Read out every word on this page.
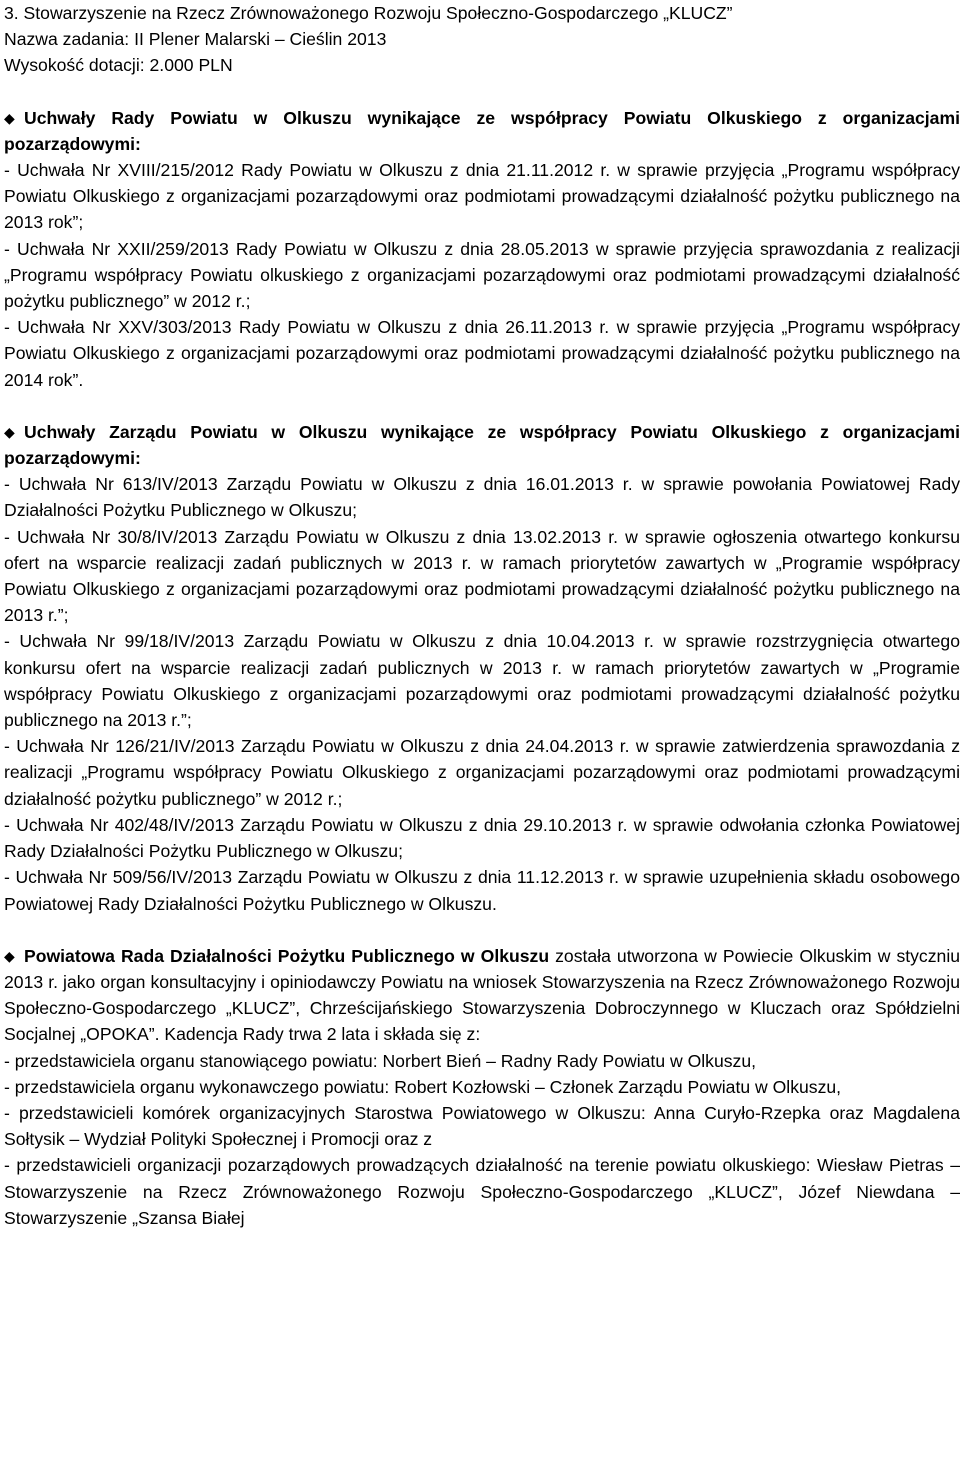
3. Stowarzyszenie na Rzecz Zrównoważonego Rozwoju Społeczno-Gospodarczego „KLUCZ”

Nazwa zadania: II Plener Malarski – Cieślin 2013

Wysokość dotacji: 2.000 PLN

◆ Uchwały Rady Powiatu w Olkuszu wynikające ze współpracy Powiatu Olkuskiego z organizacjami pozarządowymi:

- Uchwała Nr XVIII/215/2012 Rady Powiatu w Olkuszu z dnia 21.11.2012 r. w sprawie przyjęcia „Programu współpracy Powiatu Olkuskiego z organizacjami pozarządowymi oraz podmiotami prowadzącymi działalność pożytku publicznego na 2013 rok”;

- Uchwała Nr XXII/259/2013 Rady Powiatu w Olkuszu z dnia 28.05.2013 w sprawie przyjęcia sprawozdania z realizacji „Programu współpracy Powiatu olkuskiego z organizacjami pozarządowymi oraz podmiotami prowadzącymi działalność pożytku publicznego” w 2012 r.;

- Uchwała Nr XXV/303/2013 Rady Powiatu w Olkuszu z dnia 26.11.2013 r. w sprawie przyjęcia „Programu współpracy Powiatu Olkuskiego z organizacjami pozarządowymi oraz podmiotami prowadzącymi działalność pożytku publicznego na 2014 rok”.

◆ Uchwały Zarządu Powiatu w Olkuszu wynikające ze współpracy Powiatu Olkuskiego z organizacjami pozarządowymi:

- Uchwała Nr 613/IV/2013 Zarządu Powiatu w Olkuszu z dnia 16.01.2013 r. w sprawie powołania Powiatowej Rady Działalności Pożytku Publicznego w Olkuszu;

- Uchwała Nr 30/8/IV/2013 Zarządu Powiatu w Olkuszu z dnia 13.02.2013 r. w sprawie ogłoszenia otwartego konkursu ofert na wsparcie realizacji zadań publicznych w 2013 r. w ramach priorytetów zawartych w „Programie współpracy Powiatu Olkuskiego z organizacjami pozarządowymi oraz podmiotami prowadzącymi działalność pożytku publicznego na 2013 r.”;

- Uchwała Nr 99/18/IV/2013 Zarządu Powiatu w Olkuszu z dnia 10.04.2013 r. w sprawie rozstrzygnięcia otwartego konkursu ofert na wsparcie realizacji zadań publicznych w 2013 r. w ramach priorytetów zawartych w „Programie współpracy Powiatu Olkuskiego z organizacjami pozarządowymi oraz podmiotami prowadzącymi działalność pożytku publicznego na 2013 r.”;

- Uchwała Nr 126/21/IV/2013 Zarządu Powiatu w Olkuszu z dnia 24.04.2013 r. w sprawie zatwierdzenia sprawozdania z realizacji „Programu współpracy Powiatu Olkuskiego z organizacjami pozarządowymi oraz podmiotami prowadzącymi działalność pożytku publicznego” w 2012 r.;

- Uchwała Nr 402/48/IV/2013 Zarządu Powiatu w Olkuszu z dnia 29.10.2013 r. w sprawie odwołania członka Powiatowej Rady Działalności Pożytku Publicznego w Olkuszu;

- Uchwała Nr 509/56/IV/2013 Zarządu Powiatu w Olkuszu z dnia 11.12.2013 r. w sprawie uzupełnienia składu osobowego Powiatowej Rady Działalności Pożytku Publicznego w Olkuszu.

◆ Powiatowa Rada Działalności Pożytku Publicznego w Olkuszu została utworzona w Powiecie Olkuskim w styczniu 2013 r. jako organ konsultacyjny i opiniodawczy Powiatu na wniosek Stowarzyszenia na Rzecz Zrównoważonego Rozwoju Społeczno-Gospodarczego „KLUCZ”, Chrześcijańskiego Stowarzyszenia Dobroczynnego w Kluczach oraz Spółdzielni Socjalnej „OPOKA”. Kadencja Rady trwa 2 lata i składa się z:

- przedstawiciela organu stanowiącego powiatu: Norbert Bień – Radny Rady Powiatu w Olkuszu,

- przedstawiciela organu wykonawczego powiatu: Robert Kozłowski – Członek Zarządu Powiatu w Olkuszu,

- przedstawicieli komórek organizacyjnych Starostwa Powiatowego w Olkuszu: Anna Curyło-Rzepka oraz Magdalena Sołtysik – Wydział Polityki Społecznej i Promocji oraz z

- przedstawicieli organizacji pozarządowych prowadzących działalność na terenie powiatu olkuskiego: Wiesław Pietras – Stowarzyszenie na Rzecz Zrównoważonego Rozwoju Społeczno-Gospodarczego „KLUCZ”, Józef Niewdana – Stowarzyszenie „Szansa Białej
